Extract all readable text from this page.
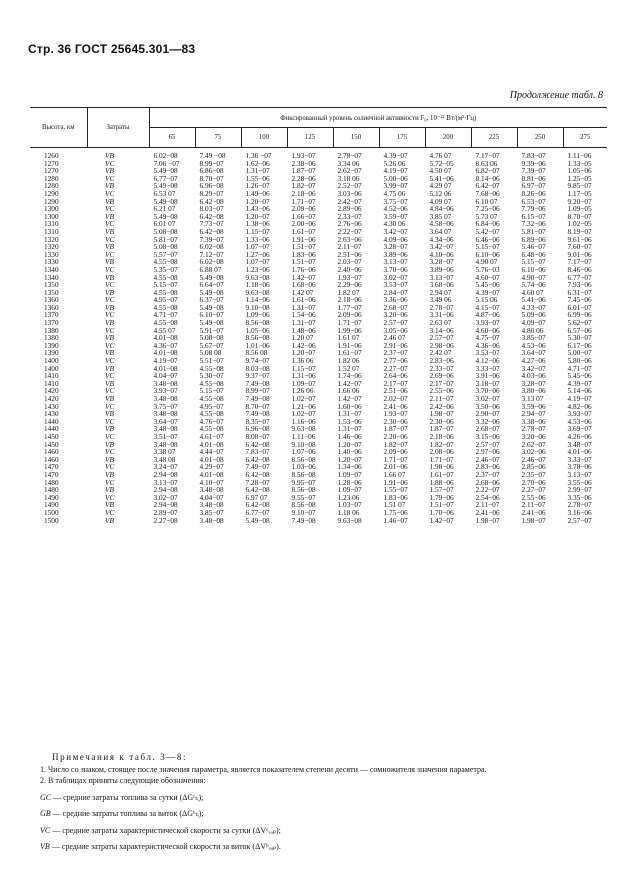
Стр. 36 ГОСТ 25645.301—83
Продолжение табл. 8
Высота, км	Затраты	Фиксированный уровень солнечной активности F₀, 10⁻²² Вт/(м²·Гц)									
		65	75	100	125	150	175	200	225	250	275
1260	VB	6.02−08	7.49 −08	1.36 −07	1.93−07	2.78−07	4.39−07	4.76 07	7.17−07	7.83−07	1.11−06
1270	VC	7.06 −07	8.99−07	1.62−06	2.38−06	3.34 06	5.26 06	5.72−05	8.63 06	9.39−06	1.33−05
1270	VB	5.49−08	6.86−08	1.31−07	1.87−07	2.62−07	4.19−07	4.50 07	6.82−07	7.39−07	1.05−06
1280	VC	6.77−07	8.70−07	1.55−06	2.28−06	3.18 06	5.00−06	5.41−06	8.14−06	8.81−06	1.25−05
1280	VB	5.49−08	6.96−08	1.26−07	1.82−07	2.52−07	3.99−07	4.29 07	6.42−07	6.97−07	9.85−07
1290	VC	6.53 07	8.29−07	1.49−06	2.18−06	3.03−06	4.75 06	5.12 06	7.68−06	8.26−06	1.17−05
1290	VB	5.49−08	6.42−08	1.20−07	1.71−07	2.42−07	3.75−07	4.09 07	6.10 07	6.53−07	9.20−07
1300	VC	6.21 07	8.03−07	1.43−06	2.09−06	2.89−06	4.52−06	4.84−06	7.25−06	7.79−06	1.09−05
1300	VB	5.49−08	6.42−08	1.20−07	1.66−07	2.33−07	3.59−07	3.85 07	5.73 07	6.15−07	8.70−07
1310	VC	6.01 07	7.73−07	1.38−06	2.00−06	2.76−06	4.30 06	4.58−06	6.84−06	7.32−06	1.02−05
1310	VB	5.08−08	6.42−08	1.15−07	1.61−07	2.22−07	3.42−07	3.64 07	5.42−07	5.81−07	8.19−07
1320	VC	5.81−07	7.39−07	1.33−06	1.91−06	2.63−06	4.09−06	4.34−06	6.46−06	6.89−06	9.61−06
1320	VB	5.08−08	6.02−08	1.07−07	1.51−07	2.11−07	3.28−07	3.42−07	5.15−07	5.46−07	7.60−07
1330	VC	5.57−07	7.12−07	1.27−06	1.83−06	2.51−06	3.89−06	4.10−06	6.10−06	6.48−06	9.01−06
1330	VB	4.55−08	6.02−08	1.07−07	1.51−07	2.03−07	3.13−07	3.28−07	4.90 07	5.15−07	7.17−07
1340	VC	5.35−07	6.88 07	1.23−06	1.76−06	2.40−06	3.70−06	3.89−06	5.76−03	6.10−06	8.46−06
1340	VB	4.55−08	5.49−08	9.63−08	1.42−07	1.93−07	3.02−07	3.13−07	4.60−07	4.90−07	6.77−07
1350	VC	5.15−07	6.64−07	1.18−06	1.68−06	2.29−06	3.53−07	3.68−06	5.45−06	5.74−06	7.93−06
1350	VB	4.55−08	5.49−08	9.63−08	1.42 07	1.82 07	2.84−07	2.94 07	4.39−07	4.60 07	6.31−07
1360	VC	4.95−07	6.37−07	1.14−06	1.61−06	2.18−06	3.36−06	3.49 06	5.15 06	5.41−06	7.45−06
1360	VB	4.55−08	5.49−08	9.10−08	1.31−07	1.77−07	2.68−07	2.78−07	4.15−07	4.33−07	6.01−07
1370	VC	4.71−07	6.10−07	1.09−06	1.54−06	2.09−06	3.20−06	3.31−06	4.87−06	5.09−06	6.99−06
1370	VB	4.55−08	5.49−08	8.56−08	1.31−07	1.71−07	2.57−07	2.63 07	3.93−07	4.09−07	5.62−07
1380	VC	4.55 07	5.91−07	1.05−06	1.48−06	1.99−06	3.05−06	3.14−06	4.60−06	4.80 06	6.57−06
1380	VB	4.01−08	5.08−08	8.56−08	1.20 07	1.61 07	2.46 07	2.57−07	4.75−07	3.85−07	5.30−07
1390	VC	4.36−07	5.67−07	1.01−06	1.42−06	1.91−06	2.91−06	2.98−06	4.36−06	4.53−06	6.17−06
1390	VB	4.01−08	5.08 08	8.56 08	1.20−07	1.61−07	2.37−07	2.42 07	3.53−07	3.64−07	5.00−07
1400	VC	4.19−07	5.51−07	9.74−07	1.36 06	1.82 06	2.77−06	2.83−06	4.12−06	4.27−06	5.80−06
1400	VB	4.01−08	4.55−08	8.03−08	1.15−07	1.52 07	2.27−07	2.33−07	3.33−07	3.42−07	4.71−07
1410	VC	4.04−07	5.30−07	9.37−07	1.31−06	1.74−06	2.64−06	2.69−06	3.91−06	4.03−06	5.45−06
1410	VB	3.48−08	4.55−08	7.49−08	1.09−07	1.42−07	2.17−07	2.17−07	3.18−07	3.28−07	4.39−07
1420	VC	3.93−07	5.15−07	8.99−07	1.26 06	1.66 06	2.51−06	2.55−06	3.70−06	3.80−06	5.14−06
1420	VB	3.48−08	4.55−08	7.49−08	1.02−07	1.42−07	2.02−07	2.11−07	3.02−07	3.13 07	4.19−07
1430	VC	3.75−07	4.95−07	8.70−07	1.21−06	1.60−06	2.41−06	2.42−06	3.50−06	3.59−06	4.82−06
1430	VB	3.48−08	4.55−08	7.49−08	1.02−07	1.31−07	1.93−07	1.98−07	2.90−07	2.94−07	3.93−07
1440	VC	3.64−07	4.76−07	8.35−07	1.16−06	1.53−06	2.30−06	2.30−06	3.32−06	3.38−06	4.53−06
1440	VB	3.48−08	4.55−08	6.96−08	9.63−08	1.31−07	1.87−07	1.87−07	2.68−07	2.78−07	3.69−07
1450	VC	3.51−07	4.61−07	8.08−07	1.11−06	1.46−06	2.20−06	2.18−06	3.15−06	3.20−06	4.26−06
1450	VB	3.48−08	4.01−08	6.42−08	9.10−08	1.20−07	1.82−07	1.82−07	2.57−07	2.62−07	3.48−07
1460	VC	3.38 07	4.44−07	7.83−07	1.07−06	1.40−06	2.09−06	2.08−06	2.97−06	3.02−06	4.01−06
1460	VB	3.48 08	4.01−08	6.42−08	8.56−08	1.20−07	1.71−07	1.71−07	2.46−07	2.46−07	3.33−07
1470	VC	3.24−07	4.29−07	7.49−07	1.03−06	1.34−06	2.01−06	1.98−06	2.83−06	2.85−06	3.78−06
1470	VB	2.94−08	4.01−08	6.42−08	8.56−08	1.09−07	1.66 07	1.61−07	2.37−07	2.35−07	3.13−07
1480	VC	3.13−07	4.10−07	7.28−07	9.95−07	1.28−06	1.91−06	1.88−06	2.68−06	2.70−06	3.55−06
1480	VB	2.94−08	3.48−08	6.42−08	8.56−08	1.09−07	1.55−07	1.57−07	2.22−07	2.27−07	2.99−07
1490	VC	3.02−07	4.04−07	6.97 07	9.55−07	1.23 06	1.83−06	1.79−06	2.54−06	2.55−06	3.35−06
1490	VB	2.94−08	3.48−08	6.42−08	8.56−08	1.03−07	1.51 07	1.51−07	2.11−07	2.11−07	2.78−07
1500	VC	2.89−07	3.85−07	6.77−07	9.10−07	1.18 06	1.75−06	1.70−06	2.41−06	2.41−06	3.16−06
1500	VB	2.27−08	3.48−08	5.49−08	7.49−08	9.63−08	1.46−07	1.42−07	1.98−07	1.98−07	2.57−07

Примечания к табл. 3—8:

1. Число со знаком, стоящее после значения параметра, является показателем степени десяти — сомножителя значения параметра.

2. В таблицах приняты следующие обозначения:

GC — средние затраты топлива за сутки (ΔGᶜₜᵢ);

GB — средние затраты топлива за виток (ΔGᵇₜᵢ);

VC — средние затраты характеристической скорости за сутки (ΔVᶜₓₐₚ);

VB — средние затраты характеристической скорости за виток (ΔVᵇₓₐₚ).
